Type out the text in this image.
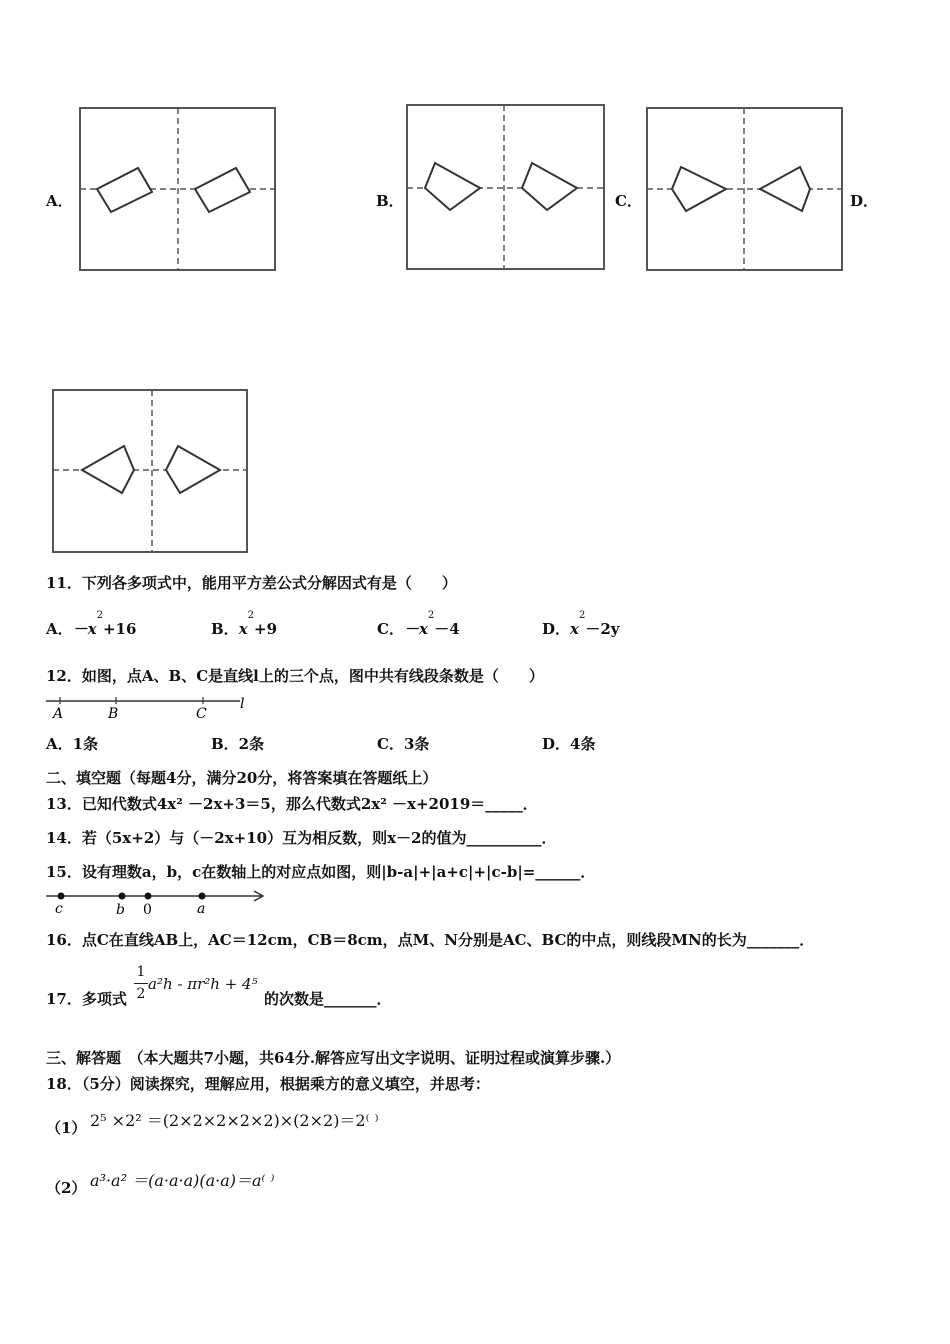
A．	B．	C．	D．
11．下列各多项式中，能用平方差公式分解因式有是（　　）
A．$-x^2+16$	B．$x^2+9$	C．$-x^2-4$	D．$x^2-2y$
12．如图，点A、B、C是直线l上的三个点，图中共有线段条数是（　　）
A	B	C
l
A．1条	B．2条	C．3条	D．4条
二、填空题（每题4分，满分20分，将答案填在答题纸上）
13．已知代数式4x² －2x+3＝5，那么代数式2x² －x+2019＝_____．
14．若（5x+2）与（－2x+10）互为相反数，则x－2的值为__________．
15．设有理数a，b，c在数轴上的对应点如图，则|b-a|+|a+c|+|c-b|=______．
c	b 0	a
16．点C在直线AB上，AC＝12cm，CB＝8cm，点M、N分别是AC、BC的中点，则线段MN的长为_______．
17．多项式
1
2
a²h - πr²h + 4⁵
的次数是_______．
三、解答题　（本大题共7小题，共64分.解答应写出文字说明、证明过程或演算步骤.）
18．（5分）阅读探究，理解应用，根据乘方的意义填空，并思考：
（1） 2⁵ ×2² ＝(2×2×2×2×2)×(2×2)＝2⁽ ⁾
（2） a³·a² ＝(a·a·a)(a·a)＝a⁽ ⁾
